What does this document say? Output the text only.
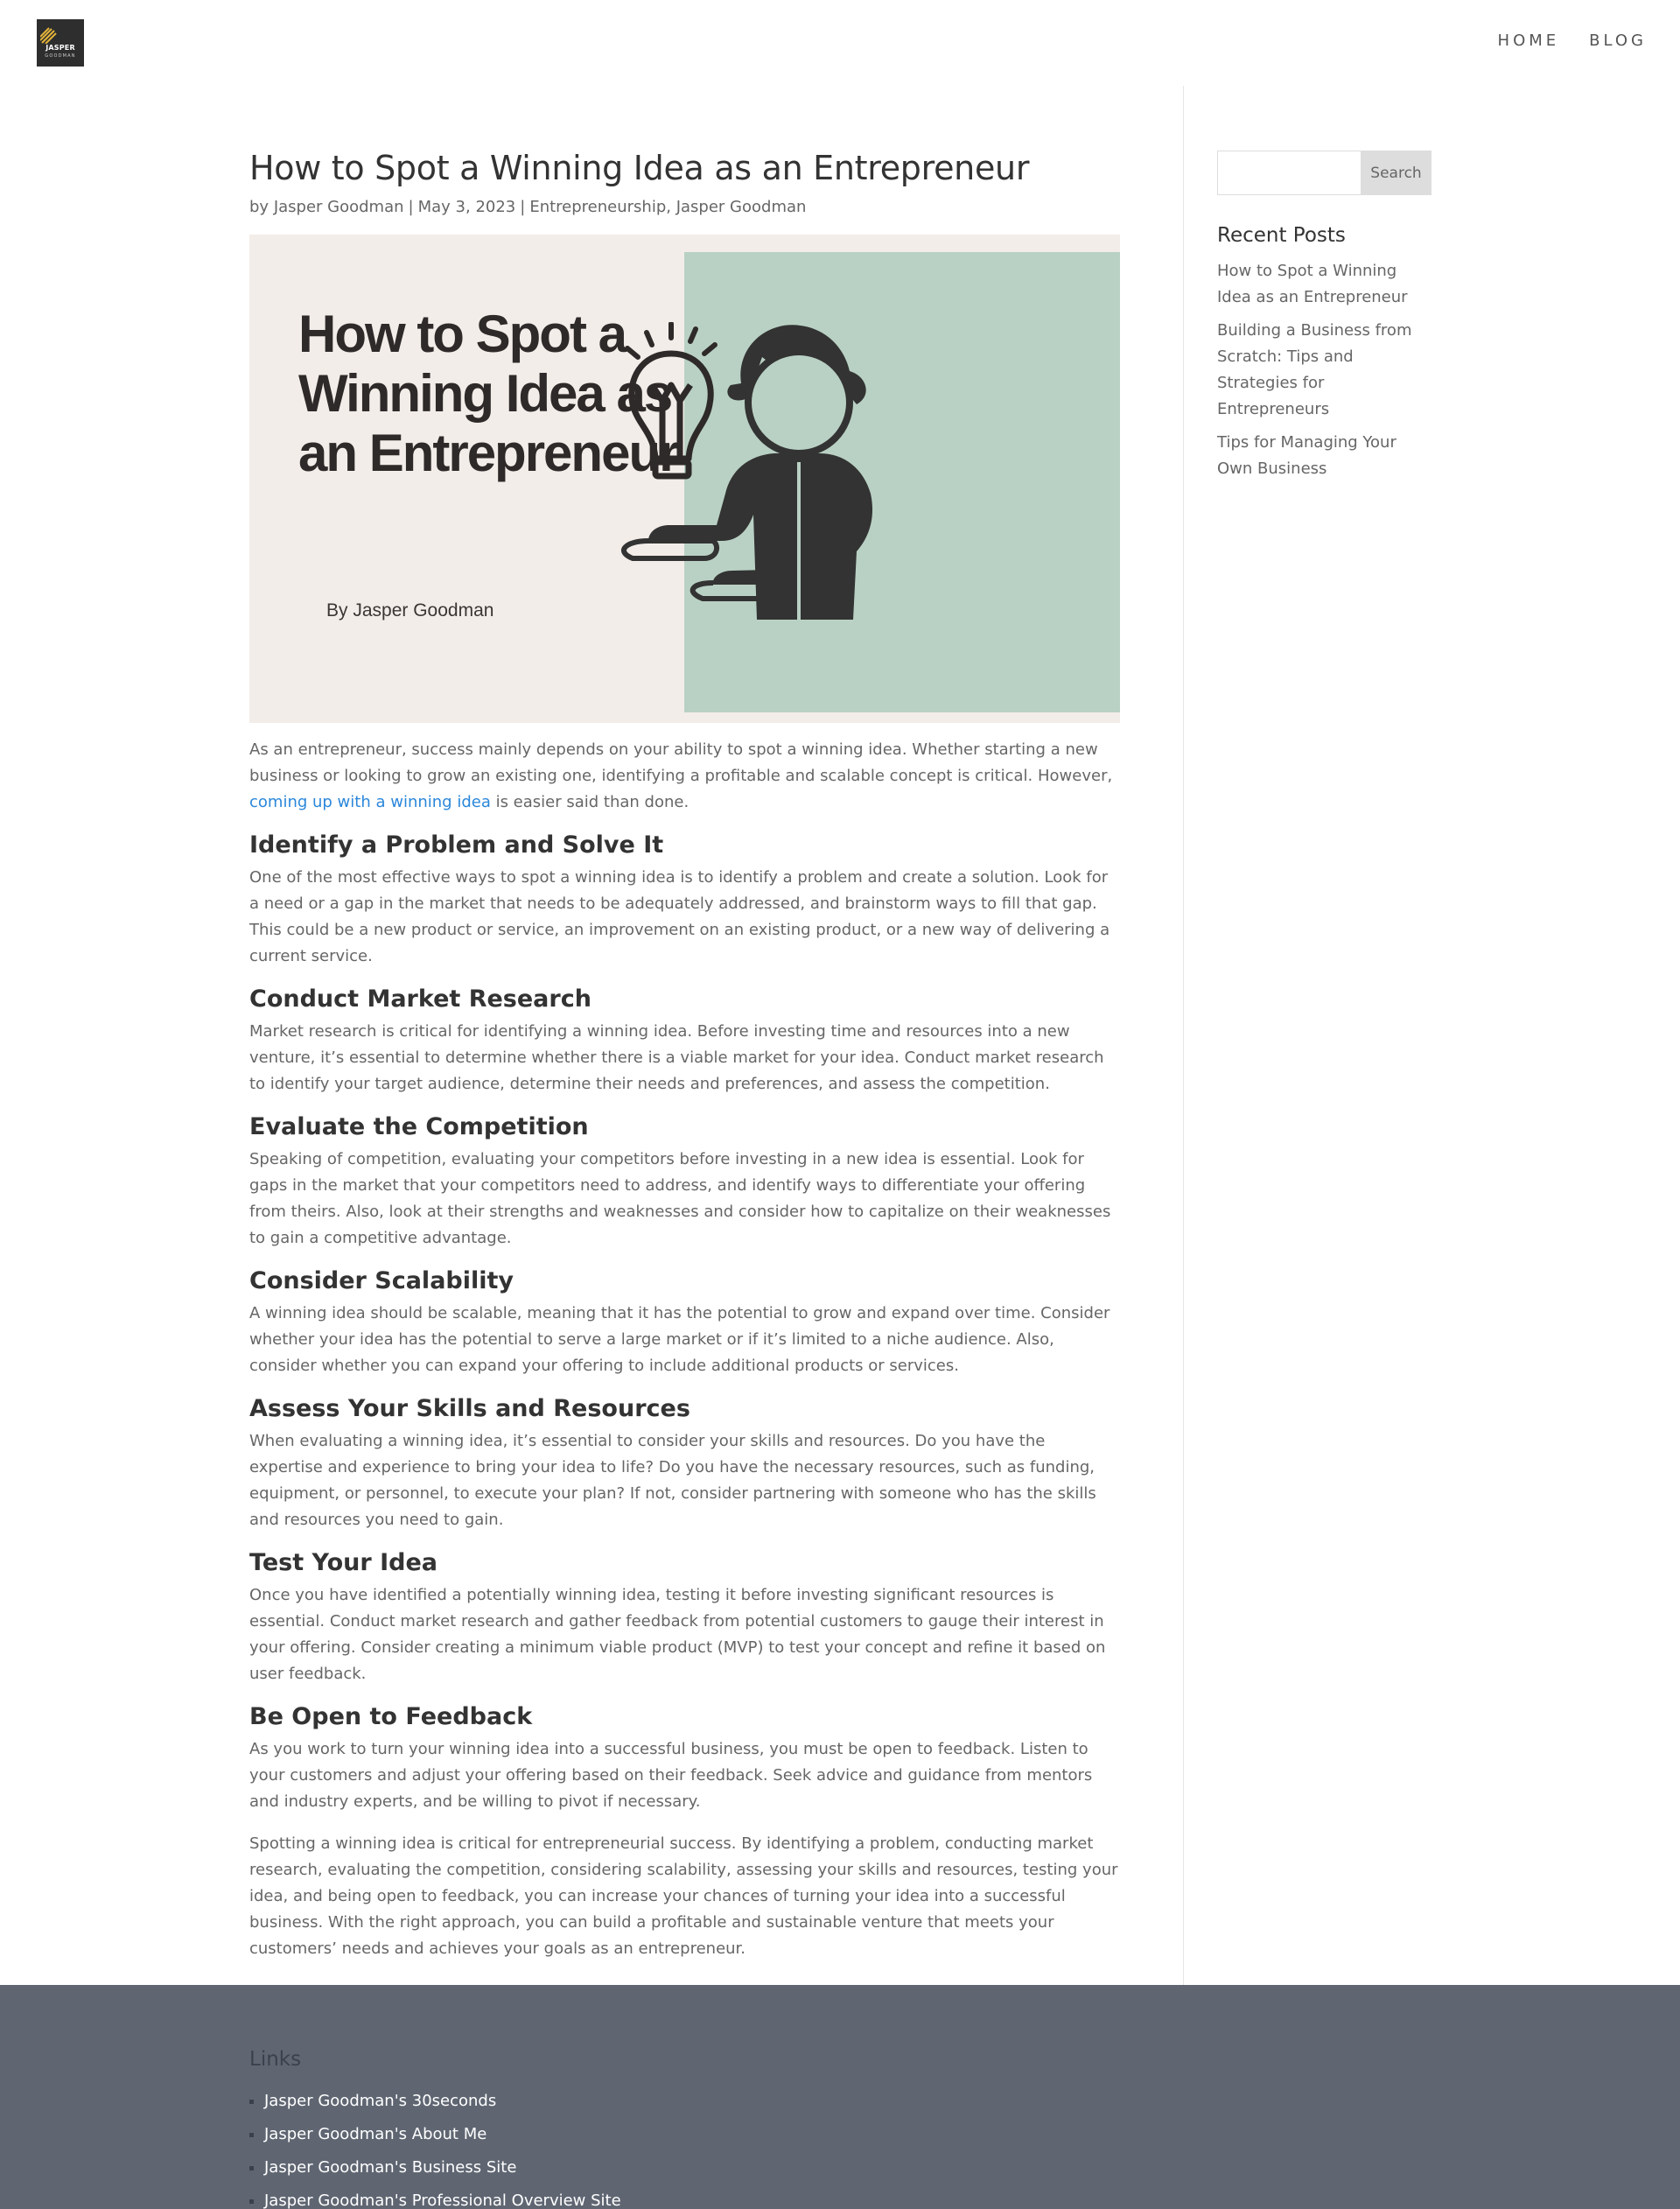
JASPER
GOODMAN
HOME BLOG
How to Spot a Winning Idea as an Entrepreneur
by Jasper Goodman | May 3, 2023 | Entrepreneurship, Jasper Goodman
How to Spot a Winning Idea as an Entrepreneur
By Jasper Goodman

As an entrepreneur, success mainly depends on your ability to spot a winning idea. Whether starting a new business or looking to grow an existing one, identifying a profitable and scalable concept is critical. However, coming up with a winning idea is easier said than done.

Identify a Problem and Solve It

One of the most effective ways to spot a winning idea is to identify a problem and create a solution. Look for a need or a gap in the market that needs to be adequately addressed, and brainstorm ways to fill that gap. This could be a new product or service, an improvement on an existing product, or a new way of delivering a current service.

Conduct Market Research

Market research is critical for identifying a winning idea. Before investing time and resources into a new venture, it’s essential to determine whether there is a viable market for your idea. Conduct market research to identify your target audience, determine their needs and preferences, and assess the competition.

Evaluate the Competition

Speaking of competition, evaluating your competitors before investing in a new idea is essential. Look for gaps in the market that your competitors need to address, and identify ways to differentiate your offering from theirs. Also, look at their strengths and weaknesses and consider how to capitalize on their weaknesses to gain a competitive advantage.

Consider Scalability

A winning idea should be scalable, meaning that it has the potential to grow and expand over time. Consider whether your idea has the potential to serve a large market or if it’s limited to a niche audience. Also, consider whether you can expand your offering to include additional products or services.

Assess Your Skills and Resources

When evaluating a winning idea, it’s essential to consider your skills and resources. Do you have the expertise and experience to bring your idea to life? Do you have the necessary resources, such as funding, equipment, or personnel, to execute your plan? If not, consider partnering with someone who has the skills and resources you need to gain.

Test Your Idea

Once you have identified a potentially winning idea, testing it before investing significant resources is essential. Conduct market research and gather feedback from potential customers to gauge their interest in your offering. Consider creating a minimum viable product (MVP) to test your concept and refine it based on user feedback.

Be Open to Feedback

As you work to turn your winning idea into a successful business, you must be open to feedback. Listen to your customers and adjust your offering based on their feedback. Seek advice and guidance from mentors and industry experts, and be willing to pivot if necessary.

Spotting a winning idea is critical for entrepreneurial success. By identifying a problem, conducting market research, evaluating the competition, considering scalability, assessing your skills and resources, testing your idea, and being open to feedback, you can increase your chances of turning your idea into a successful business. With the right approach, you can build a profitable and sustainable venture that meets your customers’ needs and achieves your goals as an entrepreneur.

Search
Recent Posts
How to Spot a Winning Idea as an Entrepreneur
Building a Business from Scratch: Tips and Strategies for Entrepreneurs
Tips for Managing Your Own Business
Links
Jasper Goodman's 30seconds
Jasper Goodman's About Me
Jasper Goodman's Business Site
Jasper Goodman's Professional Overview Site
